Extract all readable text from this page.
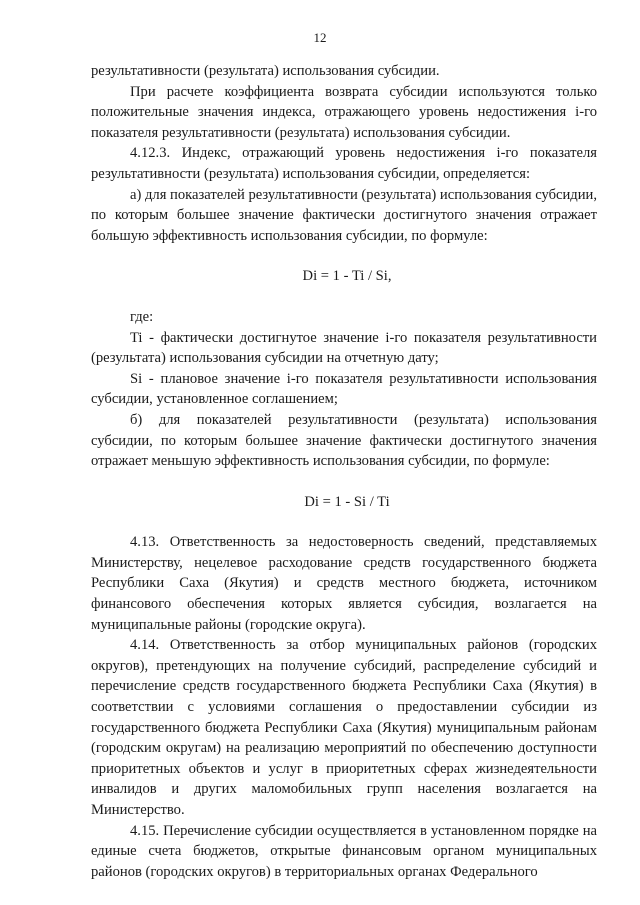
12

результативности (результата) использования субсидии.

При расчете коэффициента возврата субсидии используются только положительные значения индекса, отражающего уровень недостижения i-го показателя результативности (результата) использования субсидии.

4.12.3. Индекс, отражающий уровень недостижения i-го показателя результативности (результата) использования субсидии, определяется:

а) для показателей результативности (результата) использования субсидии, по которым большее значение фактически достигнутого значения отражает большую эффективность использования субсидии, по формуле:

Di = 1 - Ti / Si,

где:

Ti - фактически достигнутое значение i-го показателя результативности (результата) использования субсидии на отчетную дату;

Si - плановое значение i-го показателя результативности использования субсидии, установленное соглашением;

б) для показателей результативности (результата) использования субсидии, по которым большее значение фактически достигнутого значения отражает меньшую эффективность использования субсидии, по формуле:

Di = 1 - Si / Ti

4.13. Ответственность за недостоверность сведений, представляемых Министерству, нецелевое расходование средств государственного бюджета Республики Саха (Якутия) и средств местного бюджета, источником финансового обеспечения которых является субсидия, возлагается на муниципальные районы (городские округа).

4.14. Ответственность за отбор муниципальных районов (городских округов), претендующих на получение субсидий, распределение субсидий и перечисление средств государственного бюджета Республики Саха (Якутия) в соответствии с условиями соглашения о предоставлении субсидии из государственного бюджета Республики Саха (Якутия) муниципальным районам (городским округам) на реализацию мероприятий по обеспечению доступности приоритетных объектов и услуг в приоритетных сферах жизнедеятельности инвалидов и других маломобильных групп населения возлагается на Министерство.

4.15. Перечисление субсидии осуществляется в установленном порядке на единые счета бюджетов, открытые финансовым органом муниципальных районов (городских округов) в территориальных органах Федерального
